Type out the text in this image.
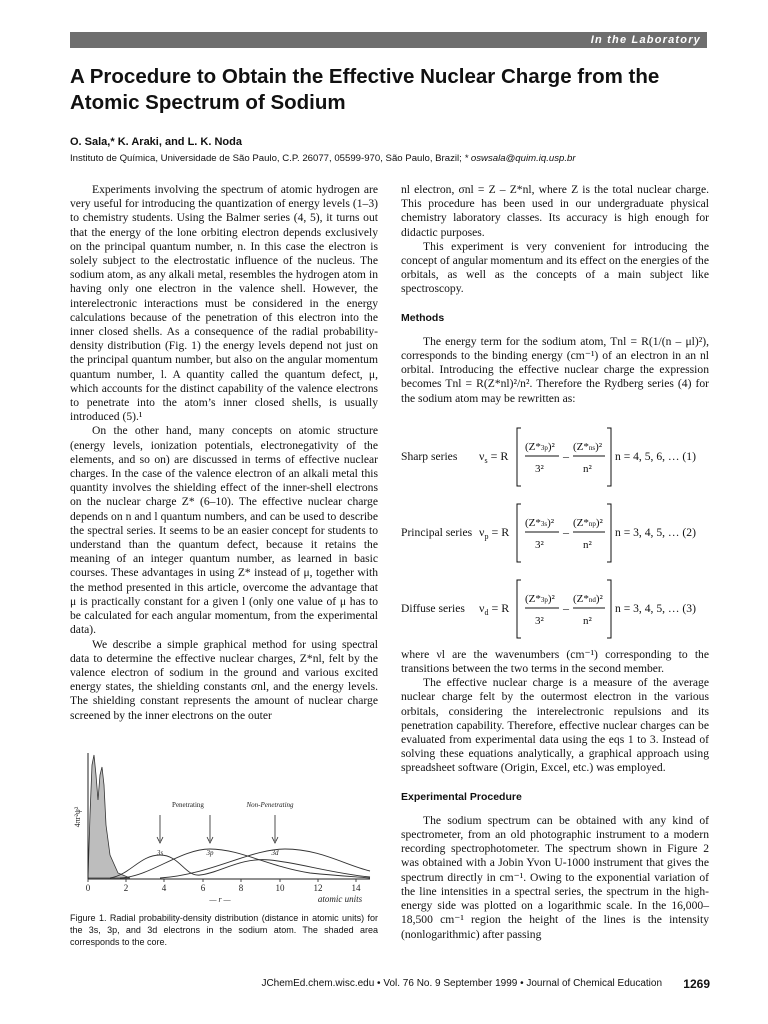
In the Laboratory
A Procedure to Obtain the Effective Nuclear Charge from the Atomic Spectrum of Sodium
O. Sala,* K. Araki, and L. K. Noda
Instituto de Química, Universidade de São Paulo, C.P. 26077, 05599-970, São Paulo, Brazil; * oswsala@quim.iq.usp.br

Experiments involving the spectrum of atomic hydrogen are very useful for introducing the quantization of energy levels (1–3) to chemistry students. Using the Balmer series (4, 5), it turns out that the energy of the lone orbiting electron depends exclusively on the principal quantum number, n. In this case the electron is solely subject to the electrostatic influence of the nucleus. The sodium atom, as any alkali metal, resembles the hydrogen atom in having only one electron in the valence shell. However, the interelectronic interactions must be considered in the energy calculations because of the penetration of this electron into the inner closed shells. As a consequence of the radial probability-density distribution (Fig. 1) the energy levels depend not just on the principal quantum number, but also on the angular momentum quantum number, l. A quantity called the quantum defect, μ, which accounts for the distinct capability of the valence electrons to penetrate into the atom’s inner closed shells, is usually introduced (5).¹

On the other hand, many concepts on atomic structure (energy levels, ionization potentials, electronegativity of the elements, and so on) are discussed in terms of effective nuclear charges. In the case of the valence electron of an alkali metal this quantity involves the shielding effect of the inner-shell electrons on the nuclear charge Z* (6–10). The effective nuclear charge depends on n and l quantum numbers, and can be used to describe the spectral series. It seems to be an easier concept for students to understand than the quantum defect, because it retains the meaning of an integer quantum number, as learned in basic courses. These advantages in using Z* instead of μ, together with the method presented in this article, overcome the advantage that μ is practically constant for a given l (only one value of μ has to be calculated for each angular momentum, from the experimental data).

We describe a simple graphical method for using spectral data to determine the effective nuclear charges, Z*nl, felt by the valence electron of sodium in the ground and various excited energy states, the shielding constants σnl, and the energy levels. The shielding constant represents the amount of nuclear charge screened by the inner electrons on the outer

0	2	4	6	8	10	12	14
4πr²ψ²
Penetrating	Non-Penetrating
3s	3p	3d
— r —	atomic units
Figure 1. Radial probability-density distribution (distance in atomic units) for the 3s, 3p, and 3d electrons in the sodium atom. The shaded area corresponds to the core.

nl electron, σnl = Z – Z*nl, where Z is the total nuclear charge. This procedure has been used in our undergraduate physical chemistry laboratory classes. Its accuracy is high enough for didactic purposes.

This experiment is very convenient for introducing the concept of angular momentum and its effect on the energies of the orbitals, as well as the concepts of a main subject like spectroscopy.

Methods

The energy term for the sodium atom, Tnl = R(1/(n – μl)²), corresponds to the binding energy (cm⁻¹) of an electron in an nl orbital. Introducing the effective nuclear charge the expression becomes Tnl = R(Z*nl)²/n². Therefore the Rydberg series (4) for the sodium atom may be rewritten as:

Sharp series $\nu_s = R$
(Z*3p)²
3²
–
(Z*ns)²
n²
n = 4, 5, 6, … (1)
Principal series $\nu_p = R$
(Z*3s)²
3²
–
(Z*np)²
n²
n = 3, 4, 5, … (2)
Diffuse series $\nu_d = R$
(Z*3p)²
3²
–
(Z*nd)²
n²
n = 3, 4, 5, … (3)

where νl are the wavenumbers (cm⁻¹) corresponding to the transitions between the two terms in the second member.

The effective nuclear charge is a measure of the average nuclear charge felt by the outermost electron in the various orbitals, considering the interelectronic repulsions and its penetration capability. Therefore, effective nuclear charges can be evaluated from experimental data using the eqs 1 to 3. Instead of solving these equations analytically, a graphical approach using spreadsheet software (Origin, Excel, etc.) was employed.

Experimental Procedure

The sodium spectrum can be obtained with any kind of spectrometer, from an old photographic instrument to a modern recording spectrophotometer. The spectrum shown in Figure 2 was obtained with a Jobin Yvon U-1000 instrument that gives the spectrum directly in cm⁻¹. Owing to the exponential variation of the line intensities in a spectral series, the spectrum in the high-energy side was plotted on a logarithmic scale. In the 16,000–18,500 cm⁻¹ region the height of the lines is the intensity (nonlogarithmic) after passing

JChemEd.chem.wisc.edu • Vol. 76 No. 9 September 1999 • Journal of Chemical Education 1269
